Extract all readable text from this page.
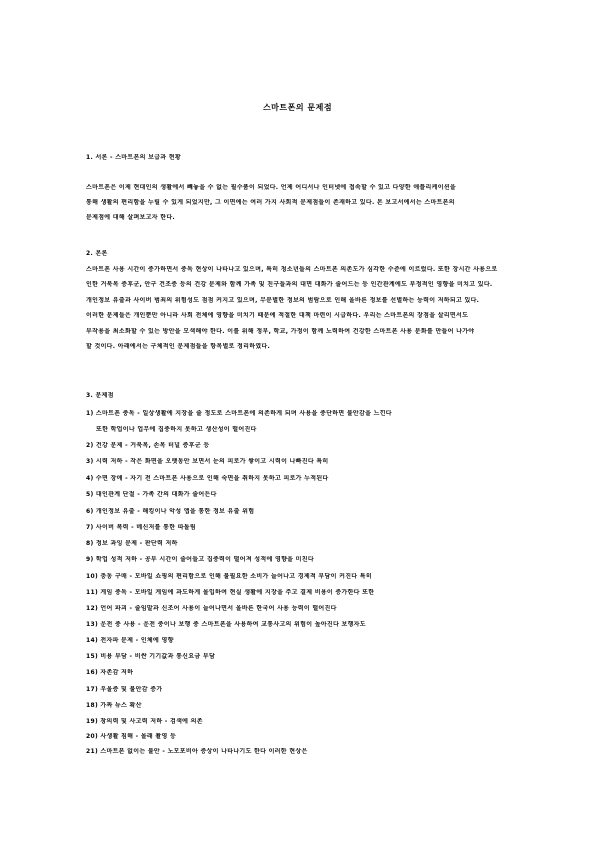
스마트폰의 문제점
1. 서론 - 스마트폰의 보급과 현황
스마트폰은 이제 현대인의 생활에서 빼놓을 수 없는 필수품이 되었다. 언제 어디서나 인터넷에 접속할 수 있고 다양한 애플리케이션을
통해 생활의 편리함을 누릴 수 있게 되었지만, 그 이면에는 여러 가지 사회적 문제점들이 존재하고 있다. 본 보고서에서는 스마트폰의
문제점에 대해 살펴보고자 한다.
2. 본론
스마트폰 사용 시간이 증가하면서 중독 현상이 나타나고 있으며, 특히 청소년들의 스마트폰 의존도가 심각한 수준에 이르렀다. 또한 장시간 사용으로
인한 거북목 증후군, 안구 건조증 등의 건강 문제와 함께 가족 및 친구들과의 대면 대화가 줄어드는 등 인간관계에도 부정적인 영향을 미치고 있다.
개인정보 유출과 사이버 범죄의 위험성도 점점 커지고 있으며, 무분별한 정보의 범람으로 인해 올바른 정보를 선별하는 능력이 저하되고 있다.
이러한 문제들은 개인뿐만 아니라 사회 전체에 영향을 미치기 때문에 적절한 대책 마련이 시급하다. 우리는 스마트폰의 장점을 살리면서도
부작용을 최소화할 수 있는 방안을 모색해야 한다. 이를 위해 정부, 학교, 가정이 함께 노력하여 건강한 스마트폰 사용 문화를 만들어 나가야
할 것이다. 아래에서는 구체적인 문제점들을 항목별로 정리하였다.
3. 문제점
1) 스마트폰 중독 - 일상생활에 지장을 줄 정도로 스마트폰에 의존하게 되며 사용을 중단하면 불안감을 느낀다
또한 학업이나 업무에 집중하지 못하고 생산성이 떨어진다
2) 건강 문제 - 거북목, 손목 터널 증후군 등
3) 시력 저하 - 작은 화면을 오랫동안 보면서 눈의 피로가 쌓이고 시력이 나빠진다 특히
4) 수면 장애 - 자기 전 스마트폰 사용으로 인해 숙면을 취하지 못하고 피로가 누적된다
5) 대인관계 단절 - 가족 간의 대화가 줄어든다
6) 개인정보 유출 - 해킹이나 악성 앱을 통한 정보 유출 위험
7) 사이버 폭력 - 메신저를 통한 따돌림
8) 정보 과잉 문제 - 판단력 저하
9) 학업 성적 저하 - 공부 시간이 줄어들고 집중력이 떨어져 성적에 영향을 미친다
10) 충동 구매 - 모바일 쇼핑의 편리함으로 인해 불필요한 소비가 늘어나고 경제적 부담이 커진다 특히
11) 게임 중독 - 모바일 게임에 과도하게 몰입하여 현실 생활에 지장을 주고 결제 비용이 증가한다 또한
12) 언어 파괴 - 줄임말과 신조어 사용이 늘어나면서 올바른 한국어 사용 능력이 떨어진다
13) 운전 중 사용 - 운전 중이나 보행 중 스마트폰을 사용하여 교통사고의 위험이 높아진다 보행자도
14) 전자파 문제 - 인체에 영향
15) 비용 부담 - 비싼 기기값과 통신요금 부담
16) 자존감 저하
17) 우울증 및 불안감 증가
18) 가짜 뉴스 확산
19) 창의력 및 사고력 저하 - 검색에 의존
20) 사생활 침해 - 몰래 촬영 등
21) 스마트폰 없이는 불안 - 노모포비아 증상이 나타나기도 한다 이러한 현상은
